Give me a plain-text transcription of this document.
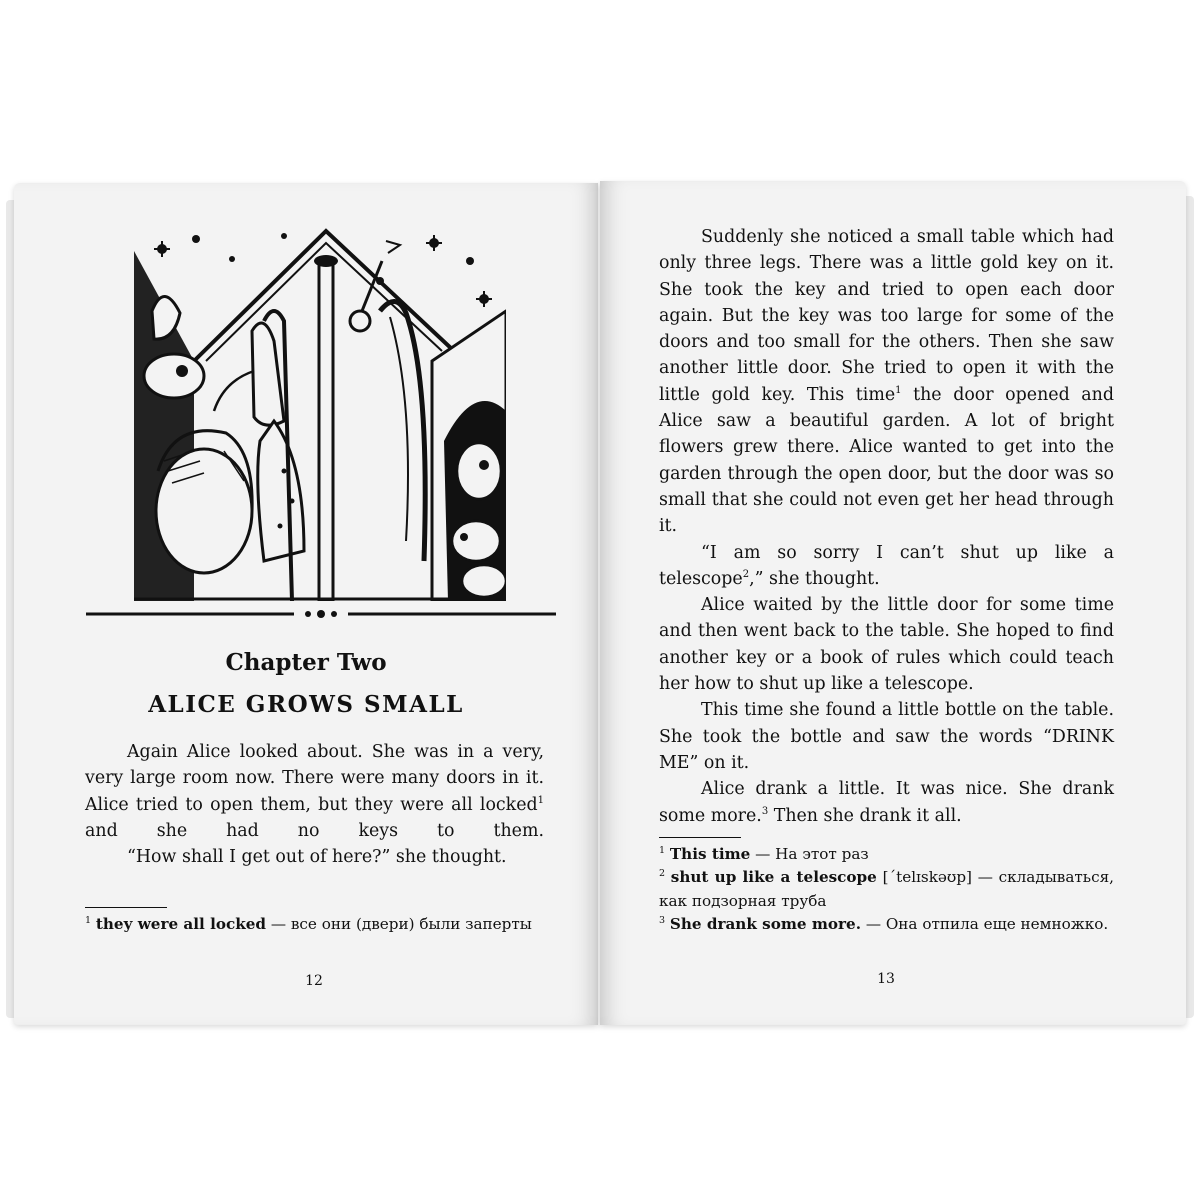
Chapter Two
ALICE GROWS SMALL

Again Alice looked about. She was in a very, very large room now. There were many doors in it. Alice tried to open them, but they were all locked$^1$ and she had no keys to them.

“How shall I get out of here?” she thought.

$^1$ they were all locked — все они (двери) были заперты

12

Suddenly she noticed a small table which had only three legs. There was a little gold key on it. She took the key and tried to open each door again. But the key was too large for some of the doors and too small for the others. Then she saw another little door. She tried to open it with the little gold key. This time$^1$ the door opened and Alice saw a beautiful garden. A lot of bright flowers grew there. Alice wanted to get into the garden through the open door, but the door was so small that she could not even get her head through it.

“I am so sorry I can’t shut up like a telescope$^2$,” she thought.

Alice waited by the little door for some time and then went back to the table. She hoped to find another key or a book of rules which could teach her how to shut up like a telescope.

This time she found a little bottle on the table. She took the bottle and saw the words “DRINK ME” on it.

Alice drank a little. It was nice. She drank some more.$^3$ Then she drank it all.

$^1$ This time — На этот раз

$^2$ shut up like a telescope [´telɪskəʊp] — складываться, как подзорная труба

$^3$ She drank some more. — Она отпила еще немножко.

13
